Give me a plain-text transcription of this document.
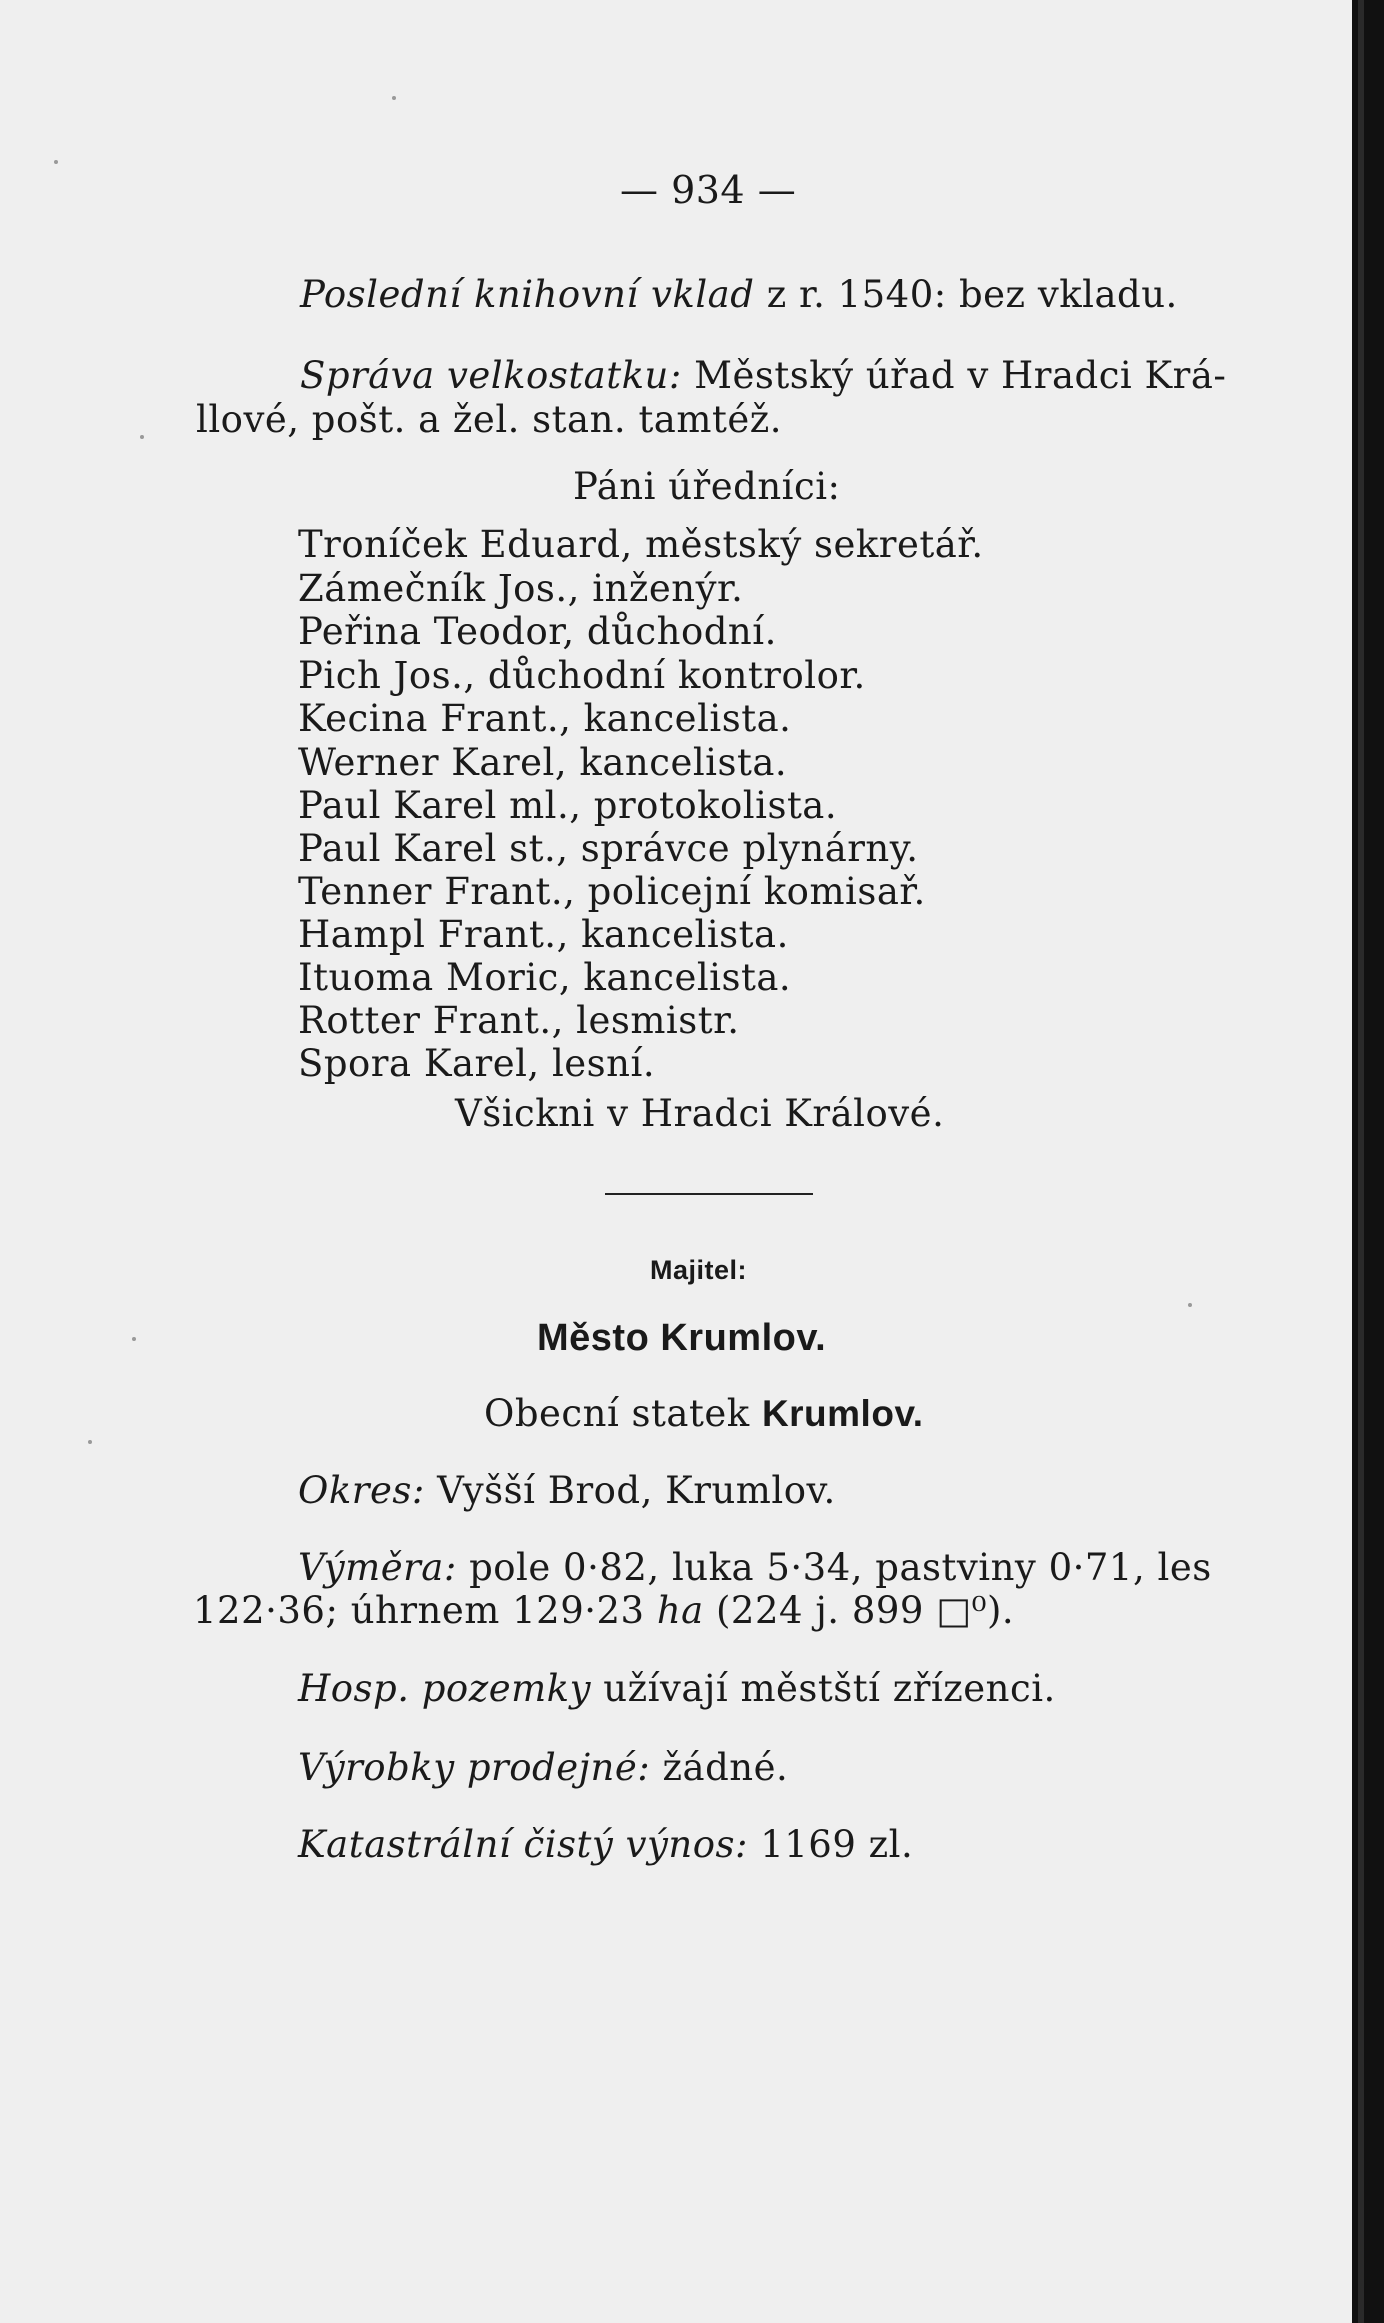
— 934 —
Poslední knihovní vklad z r. 1540: bez vkladu.
Správa velkostatku: Městský úřad v Hradci Krá-
llové, pošt. a žel. stan. tamtéž.
Páni úředníci:
Troníček Eduard, městský sekretář.
Zámečník Jos., inženýr.
Peřina Teodor, důchodní.
Pich Jos., důchodní kontrolor.
Kecina Frant., kancelista.
Werner Karel, kancelista.
Paul Karel ml., protokolista.
Paul Karel st., správce plynárny.
Tenner Frant., policejní komisař.
Hampl Frant., kancelista.
Ituoma Moric, kancelista.
Rotter Frant., lesmistr.
Spora Karel, lesní.
Všickni v Hradci Králové.
Majitel:
Město Krumlov.
Obecní statek Krumlov.
Okres: Vyšší Brod, Krumlov.
Výměra: pole 0·82, luka 5·34, pastviny 0·71, les
122·36; úhrnem 129·23 ha (224 j. 899 □⁰).
Hosp. pozemky užívají městští zřízenci.
Výrobky prodejné: žádné.
Katastrální čistý výnos: 1169 zl.
